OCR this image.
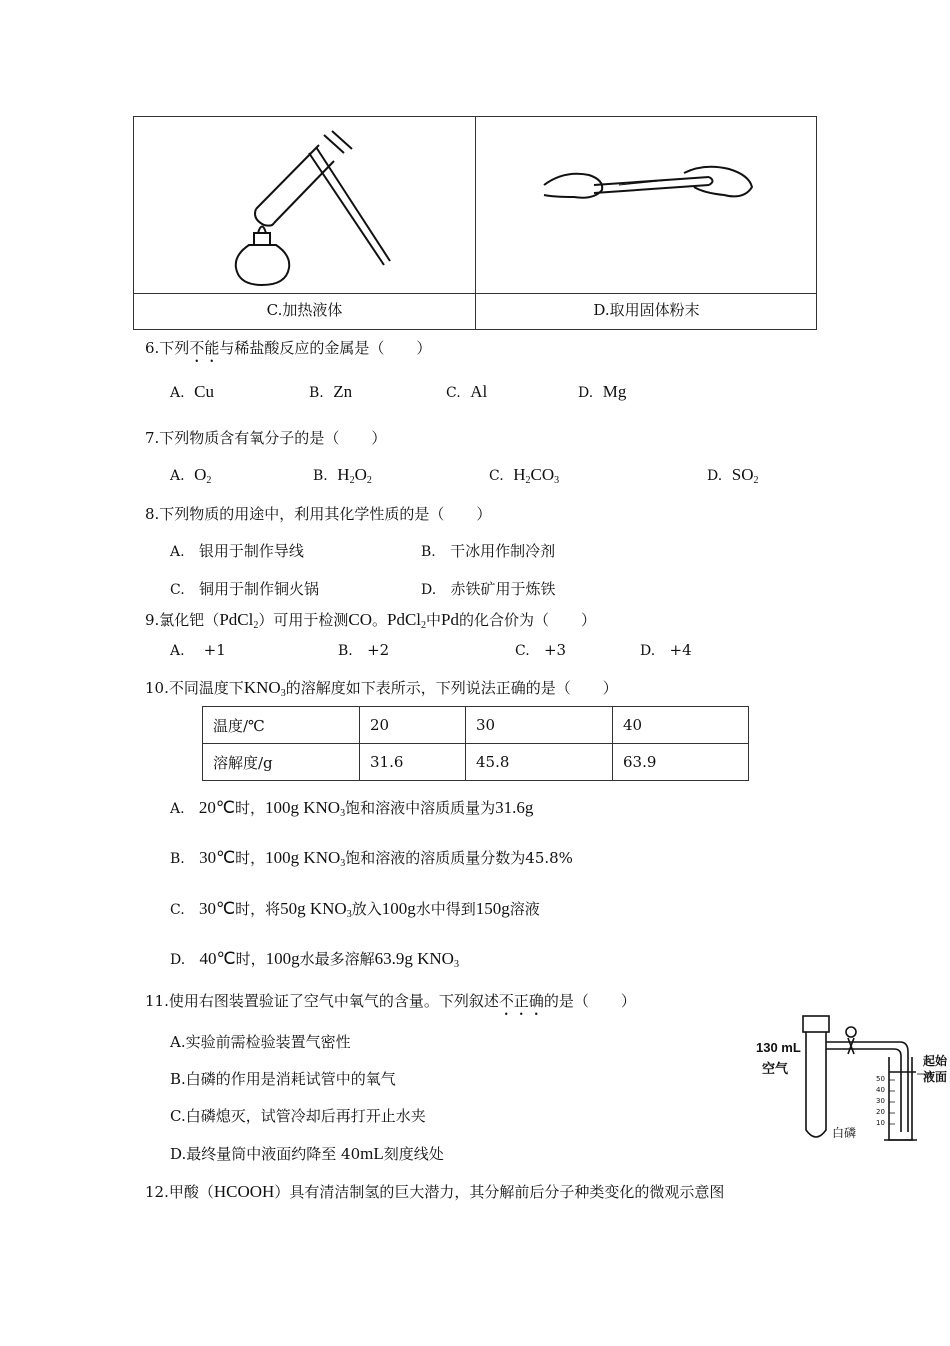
C.加热液体	D.取用固体粉末
6.下列不能与稀盐酸反应的金属是（ ）
A. Cu	B. Zn	C. Al	D. Mg
7.下列物质含有氧分子的是（ ）
A. $O_2$	B. $H_2O_2$	C. $H_2CO_3$	D. $SO_2$
8.下列物质的用途中，利用其化学性质的是（ ）
A. 银用于制作导线	B. 干冰用作制冷剂
C. 铜用于制作铜火锅	D. 赤铁矿用于炼铁
9.氯化钯（PdCl$_2$）可用于检测CO。PdCl$_2$中Pd的化合价为（ ）
A. +1	B. +2	C. +3	D. +4
10.不同温度下$KNO_3$的溶解度如下表所示，下列说法正确的是（ ）
温度/℃	20	30	40
溶解度/g	31.6	45.8	63.9
A. 20℃时，100g $KNO_3$饱和溶液中溶质质量为31.6g
B. 30℃时，100g $KNO_3$饱和溶液的溶质质量分数为45.8%
C. 30℃时，将50g $KNO_3$放入100g水中得到150g溶液
D. 40℃时，100g水最多溶解63.9g $KNO_3$
11.使用右图装置验证了空气中氧气的含量。下列叙述不正确的是（ ）
A.实验前需检验装置气密性
B.白磷的作用是消耗试管中的氧气
C.白磷熄灭，试管冷却后再打开止水夹
D.最终量筒中液面约降至 40mL刻度线处
130 mL
空气
白磷
起始
液面
50
40
30
20
10
12.甲酸（HCOOH）具有清洁制氢的巨大潜力，其分解前后分子种类变化的微观示意图
